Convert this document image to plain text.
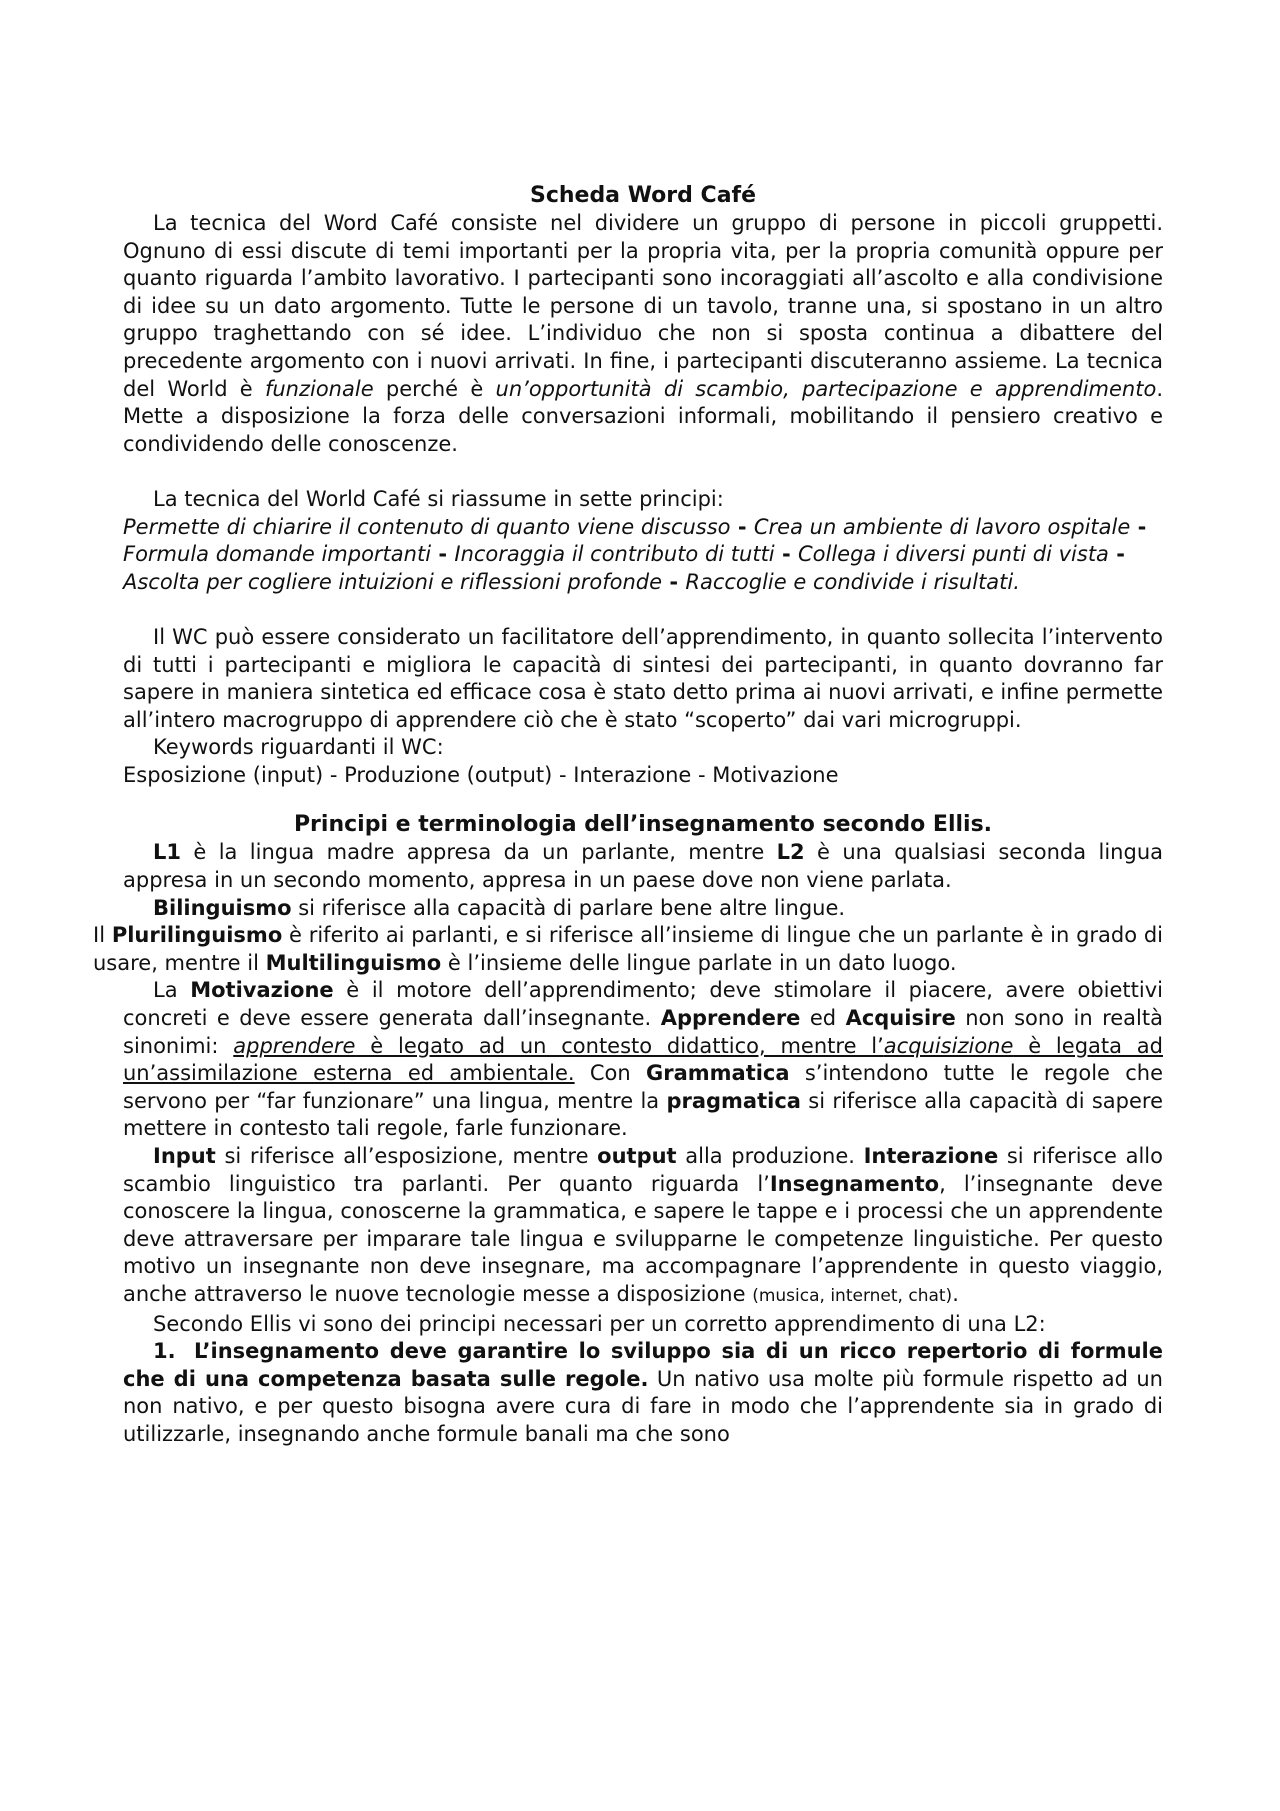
Scheda Word Café

La tecnica del Word Café consiste nel dividere un gruppo di persone in piccoli gruppetti. Ognuno di essi discute di temi importanti per la propria vita, per la propria comunità oppure per quanto riguarda l’ambito lavorativo. I partecipanti sono incoraggiati all’ascolto e alla condivisione di idee su un dato argomento. Tutte le persone di un tavolo, tranne una, si spostano in un altro gruppo traghettando con sé idee. L’individuo che non si sposta continua a dibattere del precedente argomento con i nuovi arrivati. In fine, i partecipanti discuteranno assieme. La tecnica del World è funzionale perché è un’opportunità di scambio, partecipazione e apprendimento. Mette a disposizione la forza delle conversazioni informali, mobilitando il pensiero creativo e condividendo delle conoscenze.

La tecnica del World Café si riassume in sette principi:

Permette di chiarire il contenuto di quanto viene discusso - Crea un ambiente di lavoro ospitale -
Formula domande importanti - Incoraggia il contributo di tutti - Collega i diversi punti di vista -
Ascolta per cogliere intuizioni e riflessioni profonde - Raccoglie e condivide i risultati.

Il WC può essere considerato un facilitatore dell’apprendimento, in quanto sollecita l’intervento di tutti i partecipanti e migliora le capacità di sintesi dei partecipanti, in quanto dovranno far sapere in maniera sintetica ed efficace cosa è stato detto prima ai nuovi arrivati, e infine permette all’intero macrogruppo di apprendere ciò che è stato “scoperto” dai vari microgruppi.

Keywords riguardanti il WC:

Esposizione (input) - Produzione (output) - Interazione - Motivazione

Principi e terminologia dell’insegnamento secondo Ellis.

L1 è la lingua madre appresa da un parlante, mentre L2 è una qualsiasi seconda lingua appresa in un secondo momento, appresa in un paese dove non viene parlata.

Bilinguismo si riferisce alla capacità di parlare bene altre lingue.

Il Plurilinguismo è riferito ai parlanti, e si riferisce all’insieme di lingue che un parlante è in grado di usare, mentre il Multilinguismo è l’insieme delle lingue parlate in un dato luogo.

La Motivazione è il motore dell’apprendimento; deve stimolare il piacere, avere obiettivi concreti e deve essere generata dall’insegnante. Apprendere ed Acquisire non sono in realtà sinonimi: apprendere è legato ad un contesto didattico, mentre l’acquisizione è legata ad un’assimilazione esterna ed ambientale. Con Grammatica s’intendono tutte le regole che servono per “far funzionare” una lingua, mentre la pragmatica si riferisce alla capacità di sapere mettere in contesto tali regole, farle funzionare.

Input si riferisce all’esposizione, mentre output alla produzione. Interazione si riferisce allo scambio linguistico tra parlanti. Per quanto riguarda l’Insegnamento, l’insegnante deve conoscere la lingua, conoscerne la grammatica, e sapere le tappe e i processi che un apprendente deve attraversare per imparare tale lingua e svilupparne le competenze linguistiche. Per questo motivo un insegnante non deve insegnare, ma accompagnare l’apprendente in questo viaggio, anche attraverso le nuove tecnologie messe a disposizione (musica, internet, chat).

Secondo Ellis vi sono dei principi necessari per un corretto apprendimento di una L2:

1. L’insegnamento deve garantire lo sviluppo sia di un ricco repertorio di formule che di una competenza basata sulle regole. Un nativo usa molte più formule rispetto ad un non nativo, e per questo bisogna avere cura di fare in modo che l’apprendente sia in grado di utilizzarle, insegnando anche formule banali ma che sono
